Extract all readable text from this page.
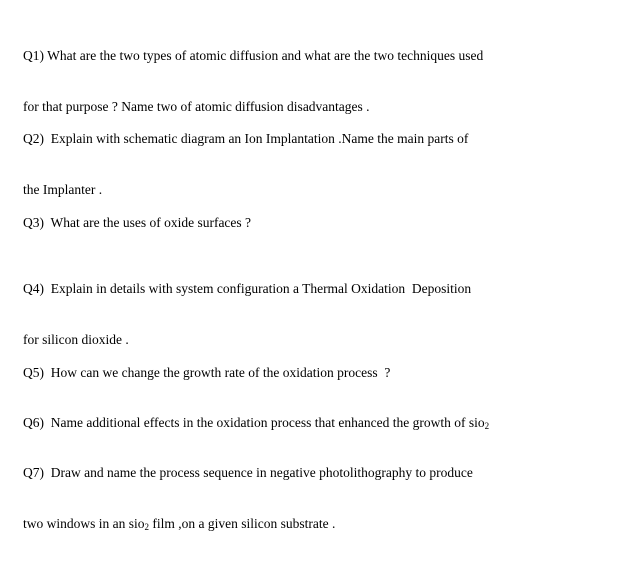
Q1) What are the two types of atomic diffusion and what are the two techniques used

for that purpose ? Name two of atomic diffusion disadvantages .

Q2)  Explain with schematic diagram an Ion Implantation .Name the main parts of

the Implanter .

Q3)  What are the uses of oxide surfaces ?

Q4)  Explain in details with system configuration a Thermal Oxidation  Deposition

for silicon dioxide .

Q5)  How can we change the growth rate of the oxidation process  ?

Q6)  Name additional effects in the oxidation process that enhanced the growth of sio$_2$

Q7)  Draw and name the process sequence in negative photolithography to produce

two windows in an sio$_2$ film ,on a given silicon substrate .
